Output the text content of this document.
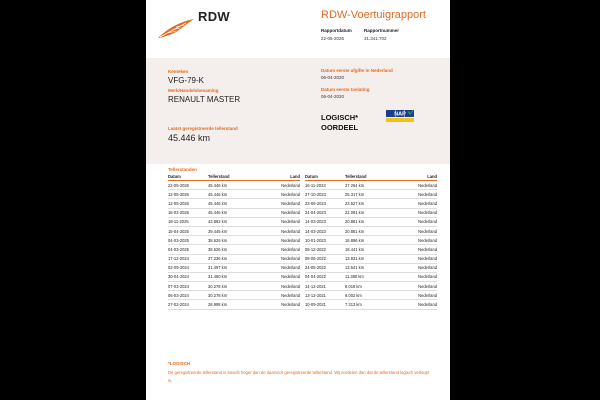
RDW	RDW-Voertuigrapport
Rapportdatum
22-05-2026
Rapportnummer
31.341.702
Kenteken
VFG-79-K
Merk/Handelsbenaming
RENAULT MASTER
Laatst geregistreerde tellerstand
45.446 km
Datum eerste afgifte in Nederland
06-04-2020
Datum eerste toelating
06-04-2020
LOGISCH*
OORDEEL
NAP
Tellerstanden
Datum	Tellerstand	Land
22-05-2026	45.446 km	Nederland
12-05-2026	45.446 km	Nederland
12-05-2026	45.446 km	Nederland
16-02-2026	45.446 km	Nederland
18-11-2025	43.862 km	Nederland
15-04-2025	39.445 km	Nederland
04-03-2025	38.626 km	Nederland
04-03-2025	38.626 km	Nederland
17-12-2024	37.236 km	Nederland
02-09-2024	31.497 km	Nederland
30-04-2024	31.460 km	Nederland
07-03-2024	30.278 km	Nederland
06-03-2024	30.278 km	Nederland
27-02-2024	28.998 km	Nederland
Datum	Tellerstand	Land
16-11-2023	27.264 km	Nederland
27-10-2023	25.317 km	Nederland
23-06-2023	23.527 km	Nederland
24-04-2023	22.091 km	Nederland
14-03-2023	20.881 km	Nederland
14-03-2023	20.881 km	Nederland
10-01-2023	18.896 km	Nederland
05-12-2022	18.441 km	Nederland
08-06-2022	13.931 km	Nederland
24-05-2022	13.641 km	Nederland
04-04-2022	11.388 km	Nederland
14-12-2021	9.018 km	Nederland
13-12-2021	9.002 km	Nederland
10-09-2021	7.313 km	Nederland
*LOGISCH
De geregistreerde tellerstand is steeds hoger dan de daarvoor geregistreerde tellerstand. Wij oordelen dan dat de tellerstand logisch verloopt is.
